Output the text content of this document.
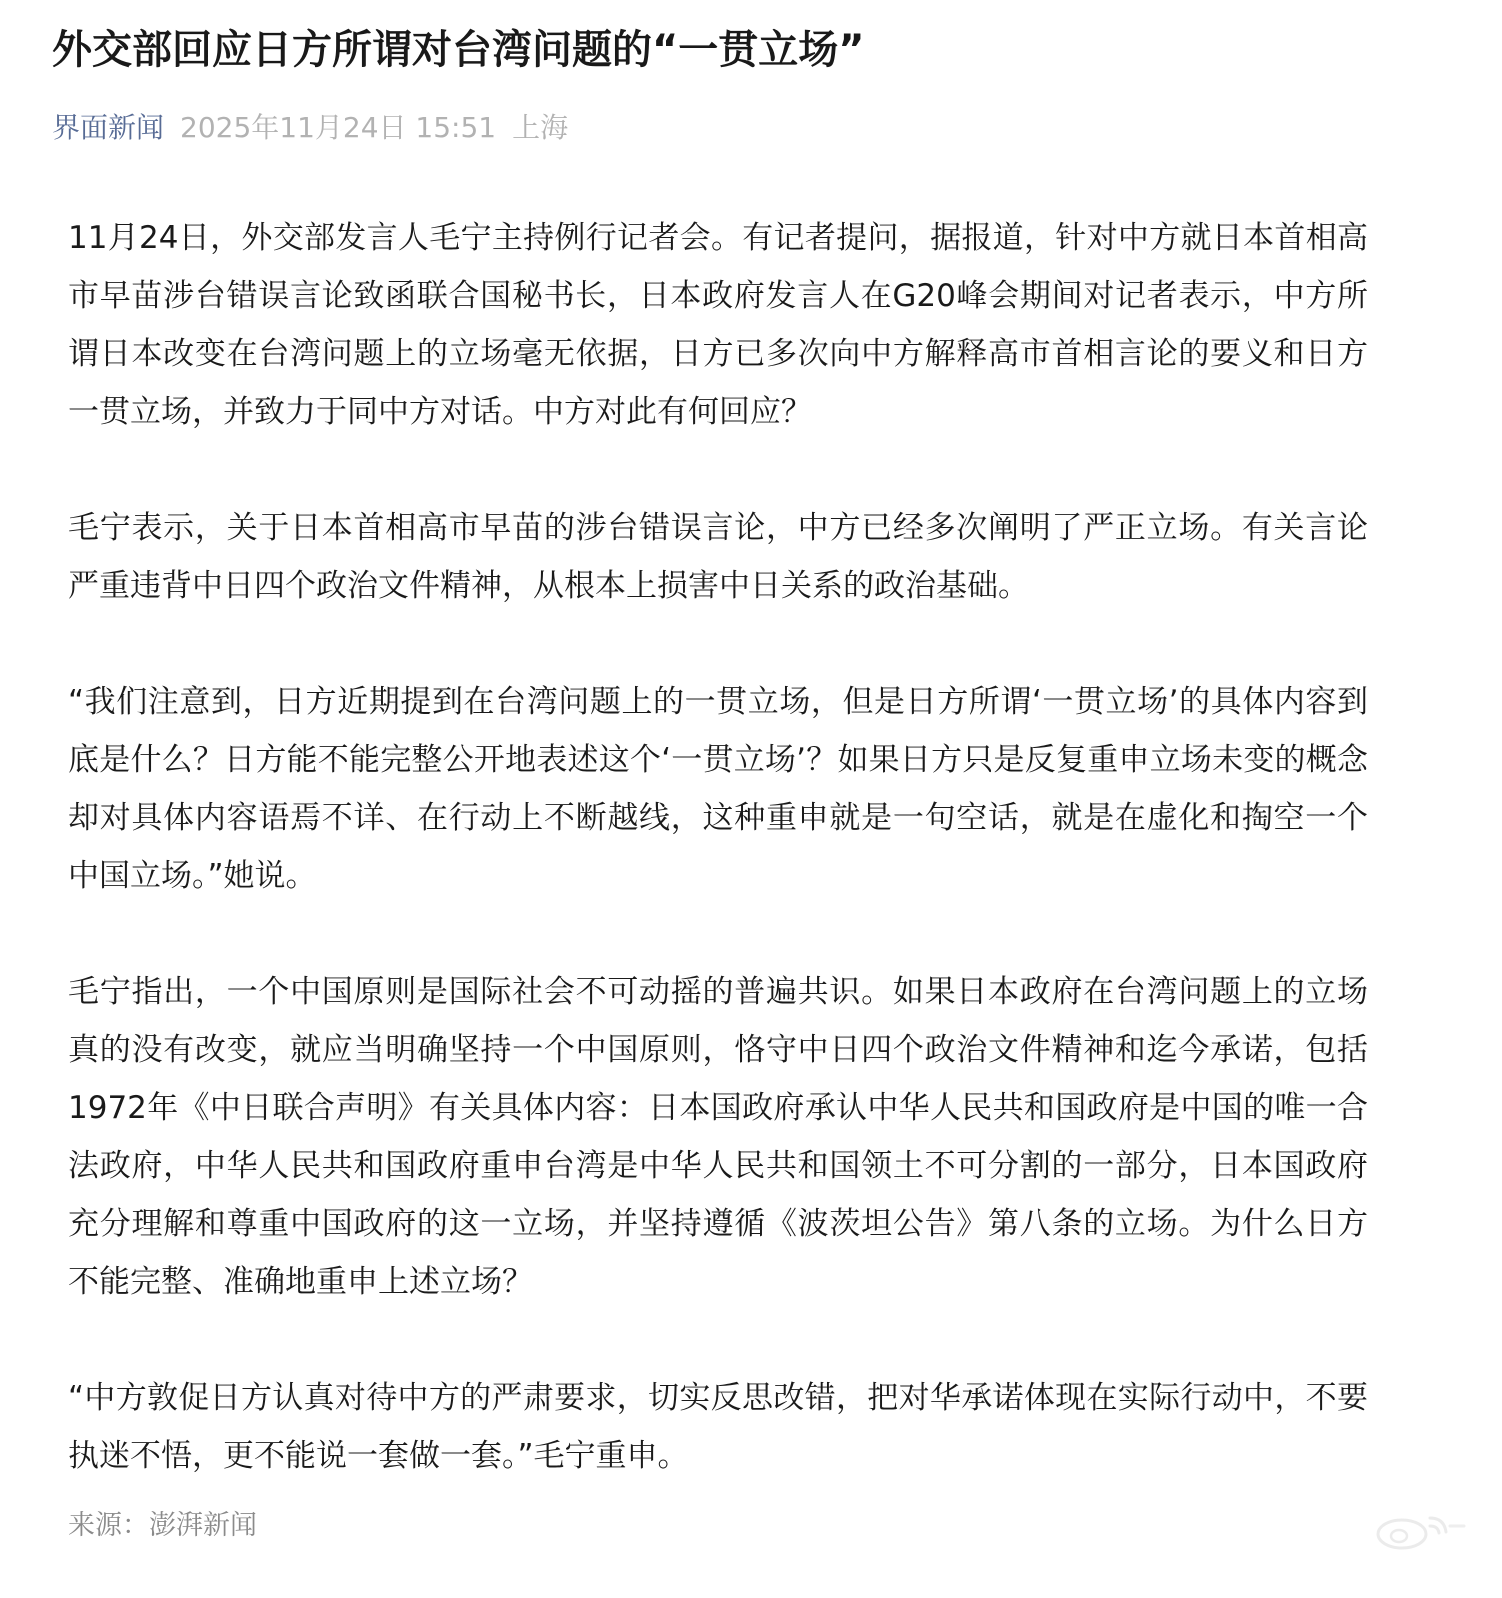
外交部回应日方所谓对台湾问题的“一贯立场”
界面新闻 2025年11月24日 15:51 上海

11月24日，外交部发言人毛宁主持例行记者会。有记者提问，据报道，针对中方就日本首相高市早苗涉台错误言论致函联合国秘书长，日本政府发言人在G20峰会期间对记者表示，中方所谓日本改变在台湾问题上的立场毫无依据，日方已多次向中方解释高市首相言论的要义和日方一贯立场，并致力于同中方对话。中方对此有何回应？

毛宁表示，关于日本首相高市早苗的涉台错误言论，中方已经多次阐明了严正立场。有关言论严重违背中日四个政治文件精神，从根本上损害中日关系的政治基础。

“我们注意到，日方近期提到在台湾问题上的一贯立场，但是日方所谓‘一贯立场’的具体内容到底是什么？日方能不能完整公开地表述这个‘一贯立场’？如果日方只是反复重申立场未变的概念却对具体内容语焉不详、在行动上不断越线，这种重申就是一句空话，就是在虚化和掏空一个中国立场。”她说。

毛宁指出，一个中国原则是国际社会不可动摇的普遍共识。如果日本政府在台湾问题上的立场真的没有改变，就应当明确坚持一个中国原则，恪守中日四个政治文件精神和迄今承诺，包括1972年《中日联合声明》有关具体内容：日本国政府承认中华人民共和国政府是中国的唯一合法政府，中华人民共和国政府重申台湾是中华人民共和国领土不可分割的一部分，日本国政府充分理解和尊重中国政府的这一立场，并坚持遵循《波茨坦公告》第八条的立场。为什么日方不能完整、准确地重申上述立场？

“中方敦促日方认真对待中方的严肃要求，切实反思改错，把对华承诺体现在实际行动中，不要执迷不悟，更不能说一套做一套。”毛宁重申。

来源：澎湃新闻
